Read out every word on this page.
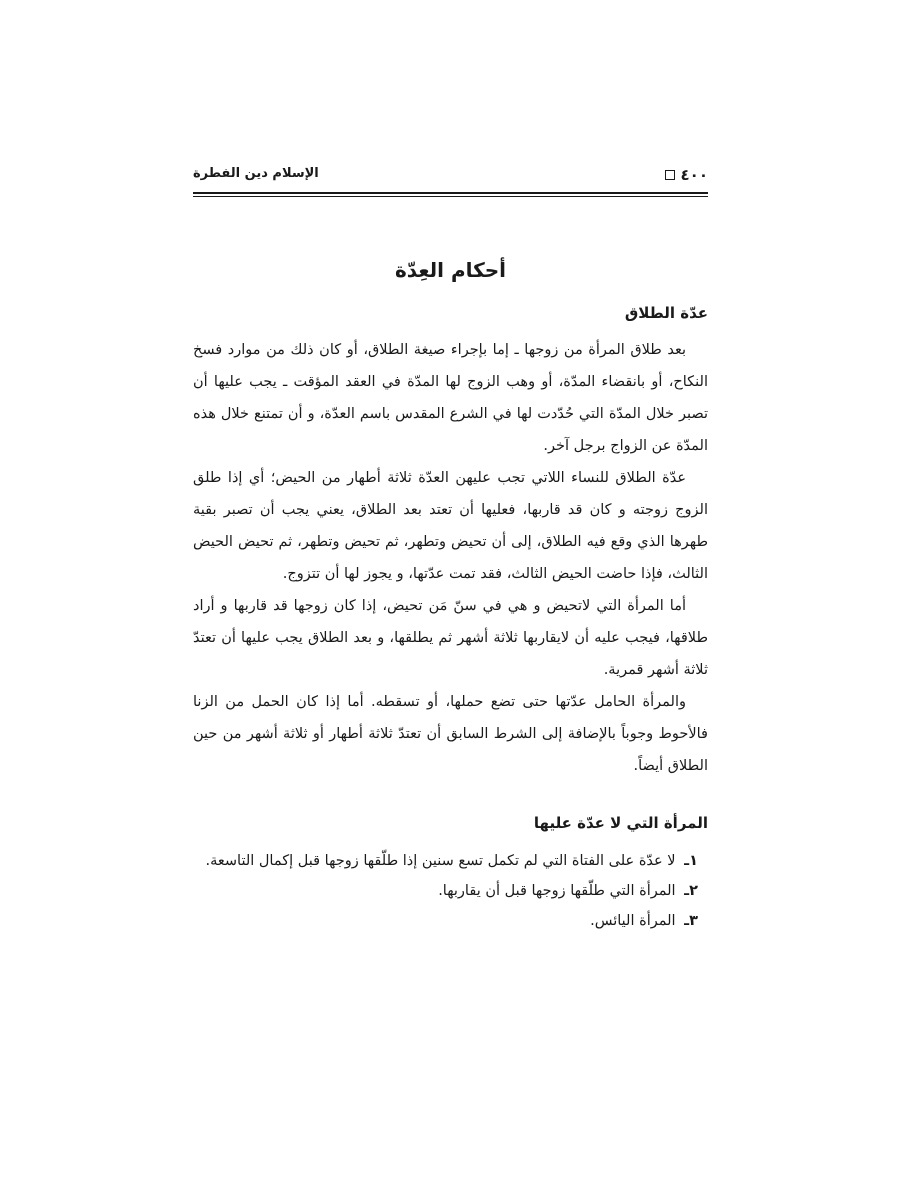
٤٠٠
الإسلام دين الفطرة
أحكام العِدّة
عدّة الطلاق

بعد طلاق المرأة من زوجها ـ إما بإجراء صيغة الطلاق، أو كان ذلك من موارد فسخ النكاح، أو بانقضاء المدّة، أو وهب الزوج لها المدّة في العقد المؤقت ـ يجب عليها أن تصبر خلال المدّة التي حُدّدت لها في الشرع المقدس باسم العدّة، و أن تمتنع خلال هذه المدّة عن الزواج برجل آخر.

عدّة الطلاق للنساء اللاتي تجب عليهن العدّة ثلاثة أطهار من الحيض؛ أي إذا طلق الزوج زوجته و كان قد قاربها، فعليها أن تعتد بعد الطلاق، يعني يجب أن تصبر بقية طهرها الذي وقع فيه الطلاق، إلى أن تحيض وتطهر، ثم تحيض وتطهر، ثم تحيض الحيض الثالث، فإذا حاضت الحيض الثالث، فقد تمت عدّتها، و يجوز لها أن تتزوج.

أما المرأة التي لاتحيض و هي في سنّ مَن تحيض، إذا كان زوجها قد قاربها و أراد طلاقها، فيجب عليه أن لايقاربها ثلاثة أشهر ثم يطلقها، و بعد الطلاق يجب عليها أن تعتدّ ثلاثة أشهر قمرية.

والمرأة الحامل عدّتها حتى تضع حملها، أو تسقطه. أما إذا كان الحمل من الزنا فالأحوط وجوباً بالإضافة إلى الشرط السابق أن تعتدّ ثلاثة أطهار أو ثلاثة أشهر من حين الطلاق أيضاً.

المرأة التي لا عدّة عليها
١ـ لا عدّة على الفتاة التي لم تكمل تسع سنين إذا طلّقها زوجها قبل إكمال التاسعة.
٢ـ المرأة التي طلّقها زوجها قبل أن يقاربها.
٣ـ المرأة اليائس.
